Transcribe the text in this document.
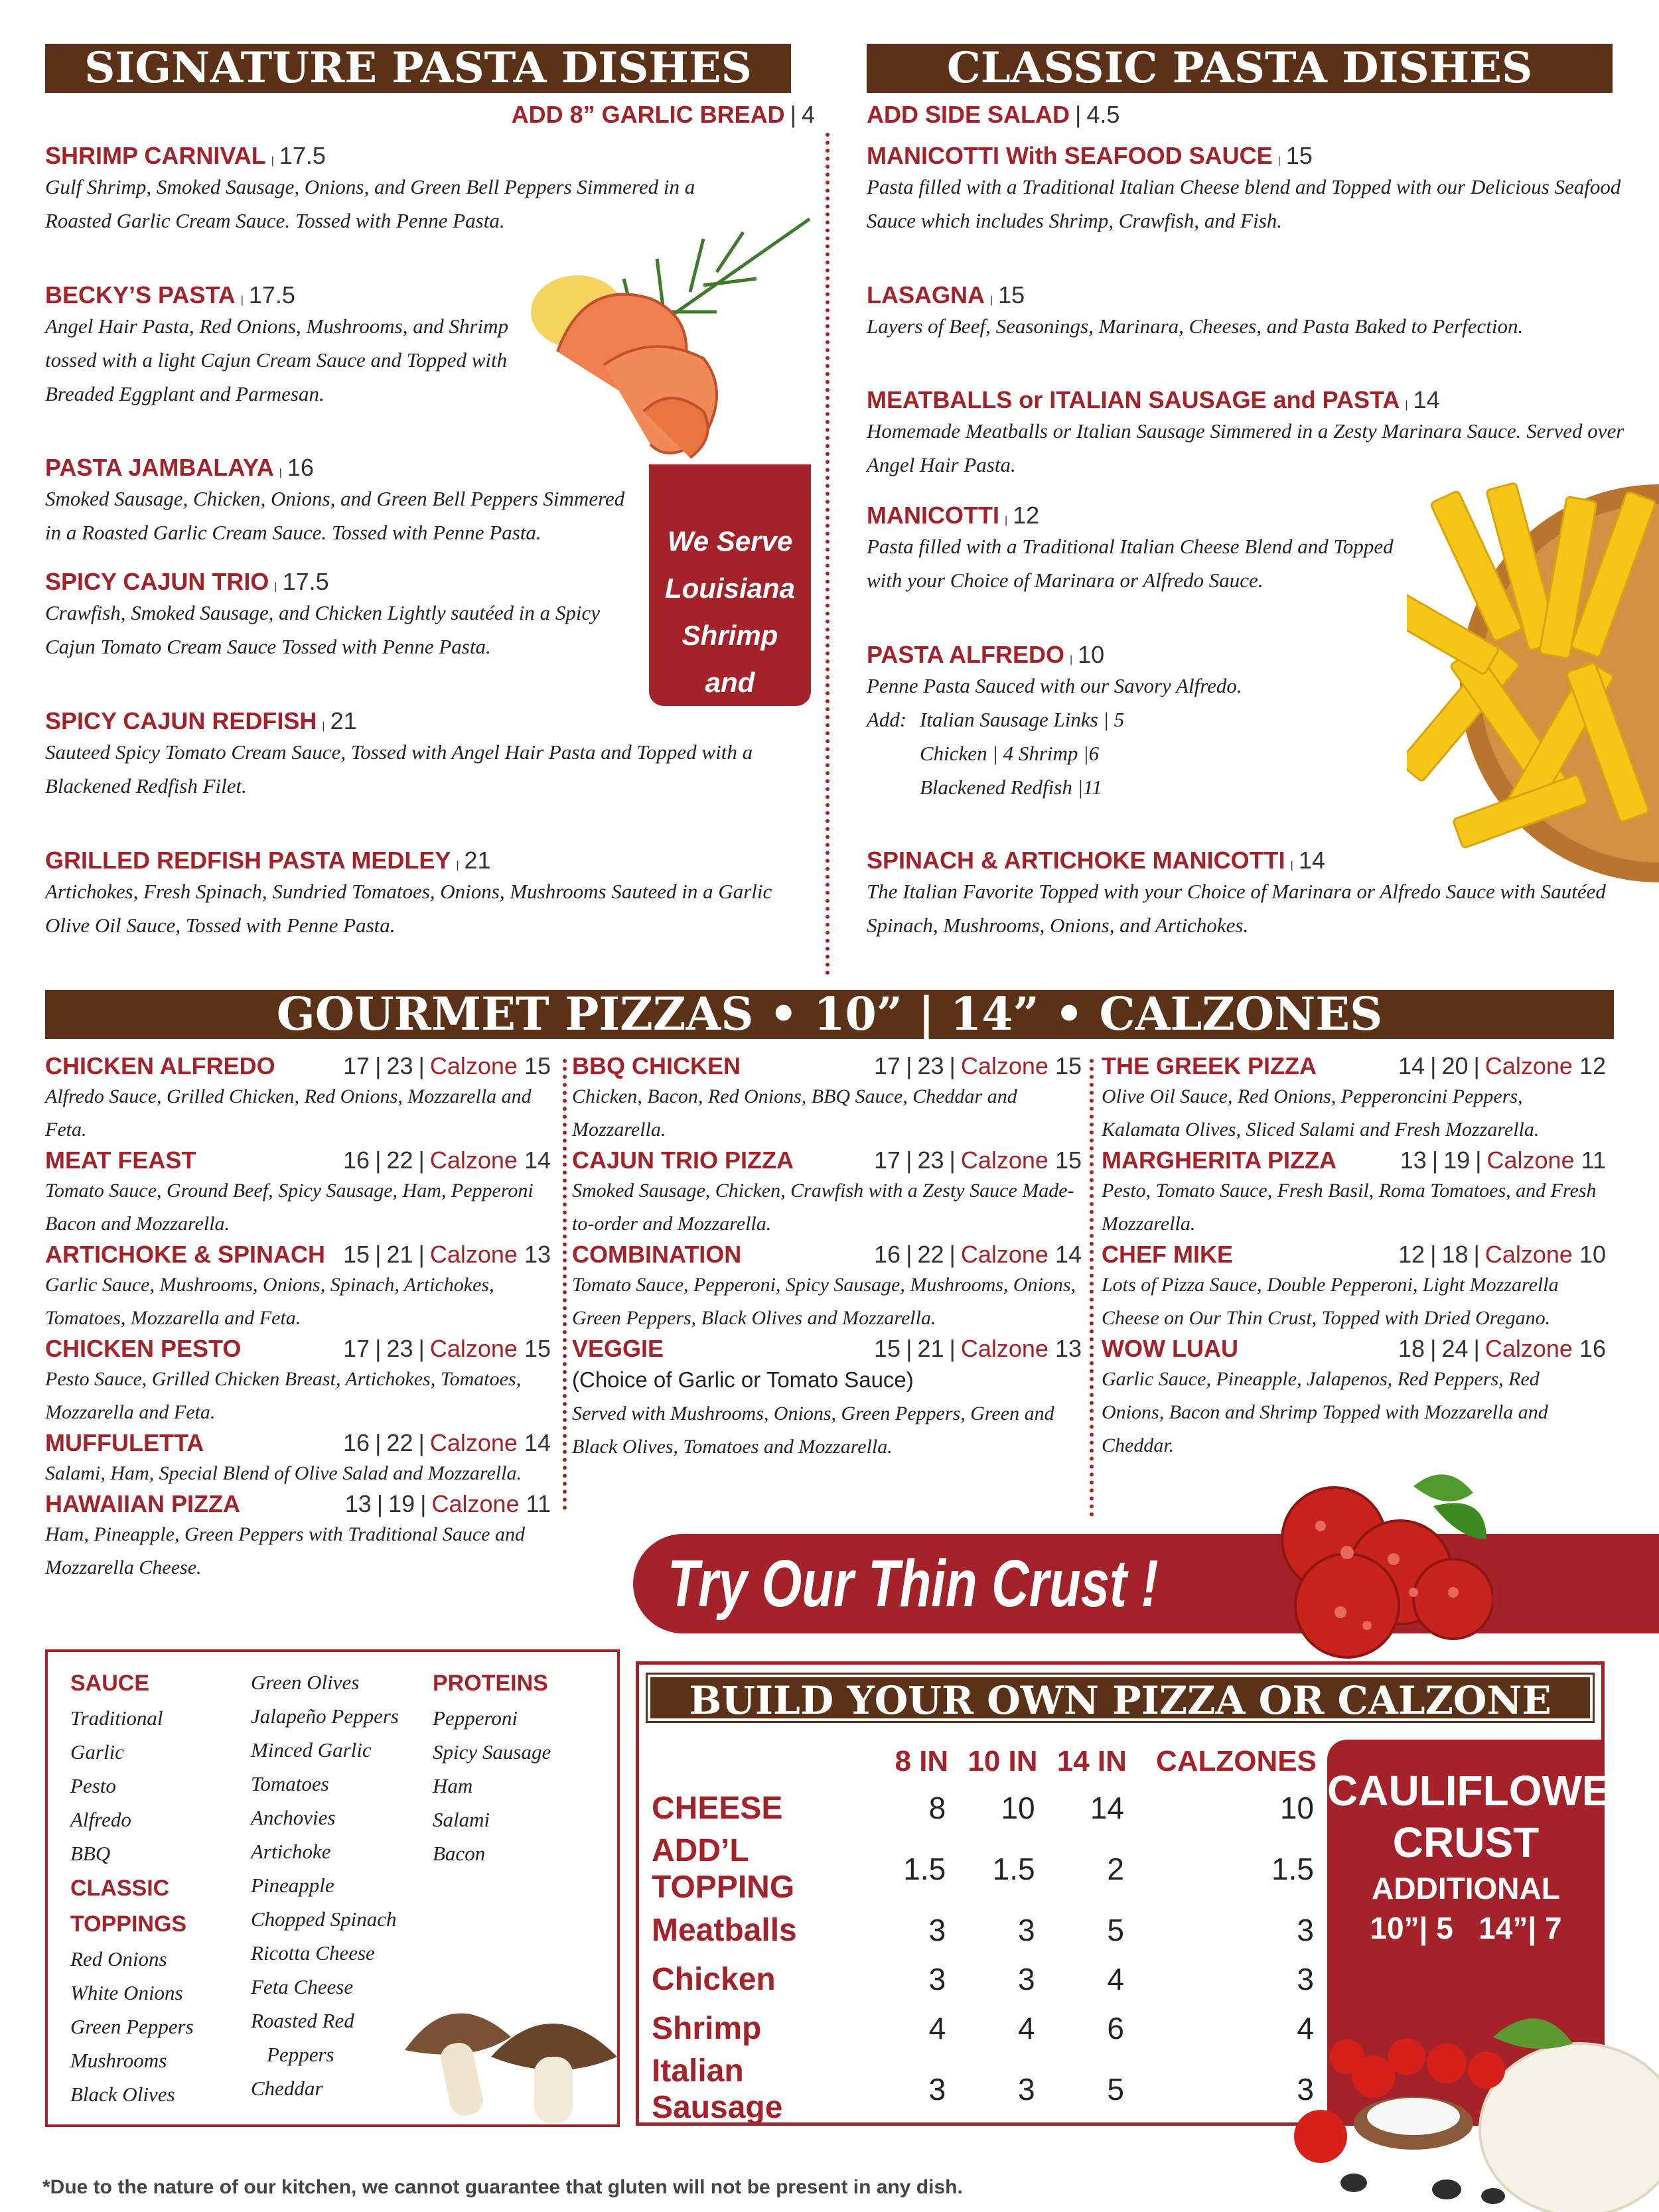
SIGNATURE PASTA DISHES	CLASSIC PASTA DISHES
ADD 8” GARLIC BREAD | 4 ADD SIDE SALAD | 4.5
SHRIMP CARNIVAL | 17.5
Gulf Shrimp, Smoked Sausage, Onions, and Green Bell Peppers Simmered in a Roasted Garlic Cream Sauce. Tossed with Penne Pasta.
BECKY’S PASTA | 17.5
Angel Hair Pasta, Red Onions, Mushrooms, and Shrimp tossed with a light Cajun Cream Sauce and Topped with Breaded Eggplant and Parmesan.
PASTA JAMBALAYA | 16
Smoked Sausage, Chicken, Onions, and Green Bell Peppers Simmered in a Roasted Garlic Cream Sauce. Tossed with Penne Pasta.
SPICY CAJUN TRIO | 17.5
Crawfish, Smoked Sausage, and Chicken Lightly sautéed in a Spicy Cajun Tomato Cream Sauce Tossed with Penne Pasta.
SPICY CAJUN REDFISH | 21
Sauteed Spicy Tomato Cream Sauce, Tossed with Angel Hair Pasta and Topped with a Blackened Redfish Filet.
GRILLED REDFISH PASTA MEDLEY | 21
Artichokes, Fresh Spinach, Sundried Tomatoes, Onions, Mushrooms Sauteed in a Garlic Olive Oil Sauce, Tossed with Penne Pasta.
We Serve Louisiana Shrimp and Crawfish
MANICOTTI With SEAFOOD SAUCE | 15
Pasta filled with a Traditional Italian Cheese blend and Topped with our Delicious Seafood Sauce which includes Shrimp, Crawfish, and Fish.
LASAGNA | 15
Layers of Beef, Seasonings, Marinara, Cheeses, and Pasta Baked to Perfection.
MEATBALLS or ITALIAN SAUSAGE and PASTA | 14
Homemade Meatballs or Italian Sausage Simmered in a Zesty Marinara Sauce. Served over Angel Hair Pasta.
MANICOTTI | 12
Pasta filled with a Traditional Italian Cheese Blend and Topped with your Choice of Marinara or Alfredo Sauce.
PASTA ALFREDO | 10
Penne Pasta Sauced with our Savory Alfredo.
Add: Italian Sausage Links | 5
Chicken | 4 Shrimp |6
Blackened Redfish |11
SPINACH & ARTICHOKE MANICOTTI | 14
The Italian Favorite Topped with your Choice of Marinara or Alfredo Sauce with Sautéed Spinach, Mushrooms, Onions, and Artichokes.
GOURMET PIZZAS • 10” | 14” • CALZONES
CHICKEN ALFREDO	17 | 23 | Calzone 15
Alfredo Sauce, Grilled Chicken, Red Onions, Mozzarella and Feta.
MEAT FEAST	16 | 22 | Calzone 14
Tomato Sauce, Ground Beef, Spicy Sausage, Ham, Pepperoni Bacon and Mozzarella.
ARTICHOKE & SPINACH 15 | 21 | Calzone 13
Garlic Sauce, Mushrooms, Onions, Spinach, Artichokes, Tomatoes, Mozzarella and Feta.
CHICKEN PESTO	17 | 23 | Calzone 15
Pesto Sauce, Grilled Chicken Breast, Artichokes, Tomatoes, Mozzarella and Feta.
MUFFULETTA	16 | 22 | Calzone 14
Salami, Ham, Special Blend of Olive Salad and Mozzarella.
HAWAIIAN PIZZA	13 | 19 | Calzone 11
Ham, Pineapple, Green Peppers with Traditional Sauce and Mozzarella Cheese.
BBQ CHICKEN	17 | 23 | Calzone 15
Chicken, Bacon, Red Onions, BBQ Sauce, Cheddar and Mozzarella.
CAJUN TRIO PIZZA	17 | 23 | Calzone 15
Smoked Sausage, Chicken, Crawfish with a Zesty Sauce Made-to-order and Mozzarella.
COMBINATION	16 | 22 | Calzone 14
Tomato Sauce, Pepperoni, Spicy Sausage, Mushrooms, Onions, Green Peppers, Black Olives and Mozzarella.
VEGGIE	15 | 21 | Calzone 13
(Choice of Garlic or Tomato Sauce)
Served with Mushrooms, Onions, Green Peppers, Green and Black Olives, Tomatoes and Mozzarella.
THE GREEK PIZZA	14 | 20 | Calzone 12
Olive Oil Sauce, Red Onions, Pepperoncini Peppers, Kalamata Olives, Sliced Salami and Fresh Mozzarella.
MARGHERITA PIZZA	13 | 19 | Calzone 11
Pesto, Tomato Sauce, Fresh Basil, Roma Tomatoes, and Fresh Mozzarella.
CHEF MIKE	12 | 18 | Calzone 10
Lots of Pizza Sauce, Double Pepperoni, Light Mozzarella Cheese on Our Thin Crust, Topped with Dried Oregano.
WOW LUAU	18 | 24 | Calzone 16
Garlic Sauce, Pineapple, Jalapenos, Red Peppers, Red Onions, Bacon and Shrimp Topped with Mozzarella and Cheddar.
Try Our Thin Crust !
SAUCE
Traditional
Garlic
Pesto
Alfredo
BBQ
CLASSIC
TOPPINGS
Red Onions
White Onions
Green Peppers
Mushrooms
Black Olives
Green Olives
Jalapeño Peppers
Minced Garlic
Tomatoes
Anchovies
Artichoke
Pineapple
Chopped Spinach
Ricotta Cheese
Feta Cheese
Roasted Red
Peppers
Cheddar
PROTEINS
Pepperoni
Spicy Sausage
Ham
Salami
Bacon
BUILD YOUR OWN PIZZA OR CALZONE
	8 IN	10 IN	14 IN	CALZONES
CHEESE	8	10	14	10
ADD’L TOPPING	1.5	1.5	2	1.5
Meatballs	3	3	5	3
Chicken	3	3	4	3
Shrimp	4	4	6	4
Italian Sausage	3	3	5	3
CAULIFLOWER
CRUST
ADDITIONAL
10”| 5   14”| 7
*Due to the nature of our kitchen, we cannot guarantee that gluten will not be present in any dish.
